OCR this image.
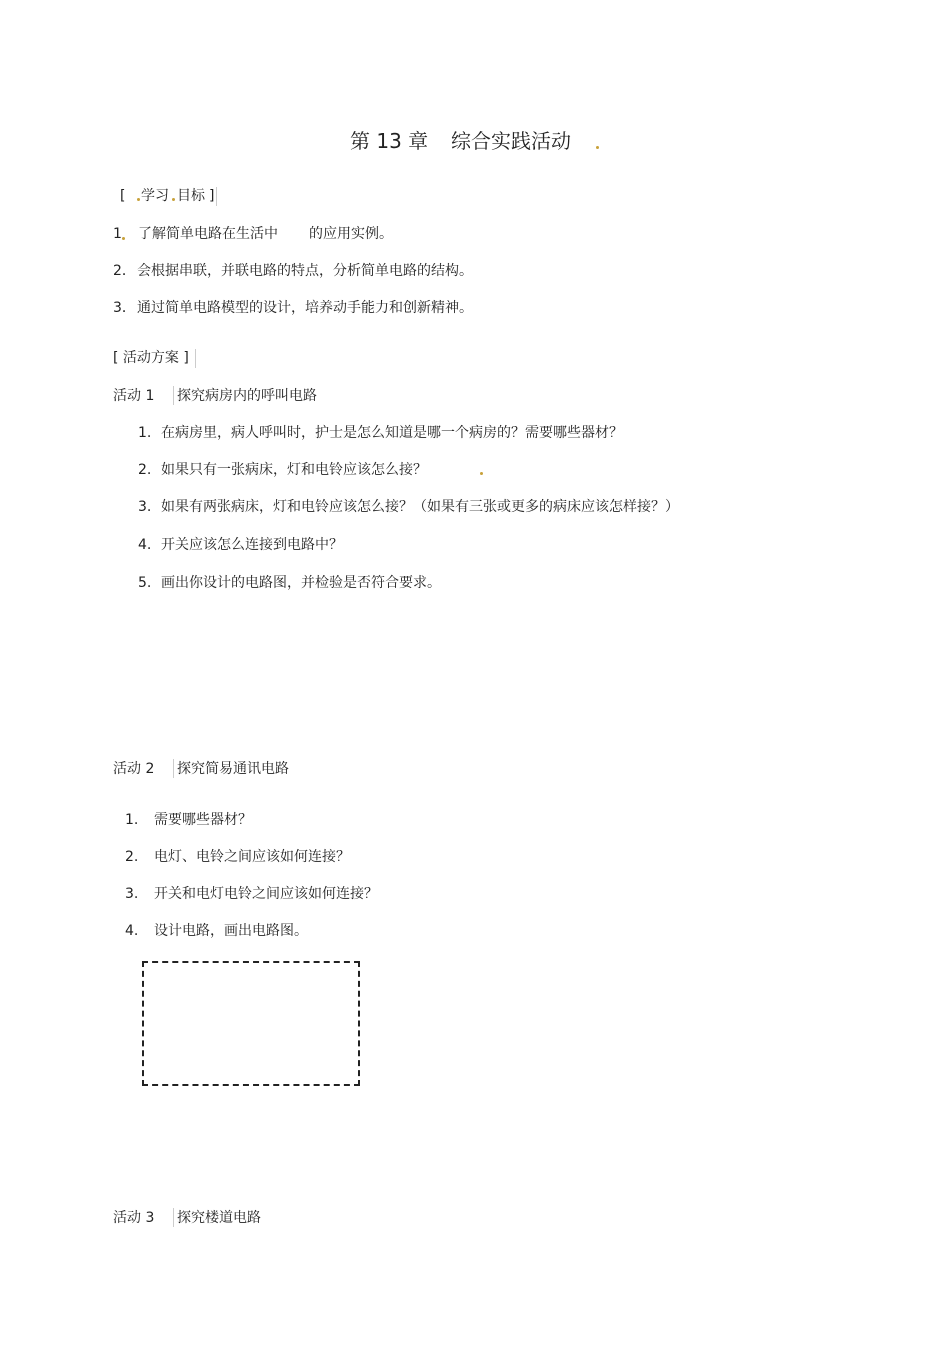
第 13 章 综合实践活动
[ 学习 目标 ]
1 了解简单电路在生活中 的应用实例。
2． 会根据串联，并联电路的特点，分析简单电路的结构。
3． 通过简单电路模型的设计，培养动手能力和创新精神。
[ 活动方案 ]
活动 1 探究病房内的呼叫电路
1. 在病房里，病人呼叫时，护士是怎么知道是哪一个病房的？需要哪些器材？
2. 如果只有一张病床，灯和电铃应该怎么接？
3. 如果有两张病床，灯和电铃应该怎么接？（如果有三张或更多的病床应该怎样接？）
4. 开关应该怎么连接到电路中？
5. 画出你设计的电路图，并检验是否符合要求。
活动 2 探究简易通讯电路
1. 需要哪些器材？
2. 电灯、电铃之间应该如何连接？
3. 开关和电灯电铃之间应该如何连接？
4. 设计电路，画出电路图。
活动 3 探究楼道电路
